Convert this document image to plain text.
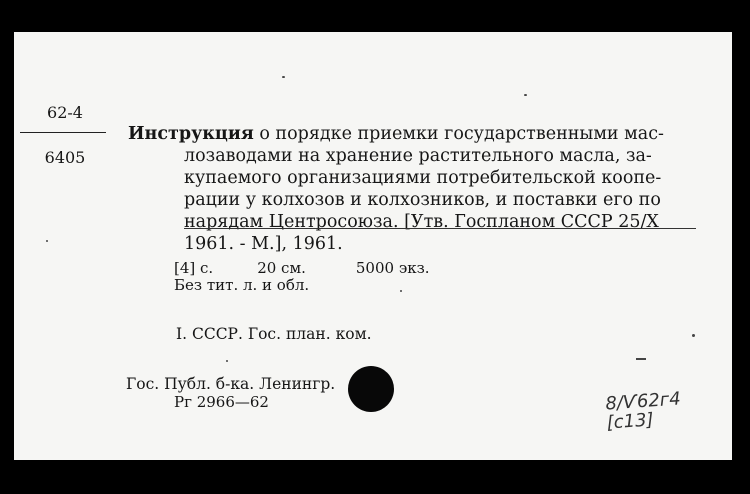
62-4
6405
Инструкция о порядке приемки государственными мас-
лозаводами на хранение растительного масла, за-
купаемого организациями потребительской коопе-
рации у колхозов и колхозников, и поставки его по
нарядам Центросоюза. [Утв. Госпланом СССР 25/X
1961. - М.], 1961.
[4] с.	20 см.	5000 экз.
Без тит. л. и обл.
I. СССР. Гос. план. ком.
Гос. Публ. б-ка. Ленингр.
Рг 2966—62	8/Ѵ62г4
[с13]
